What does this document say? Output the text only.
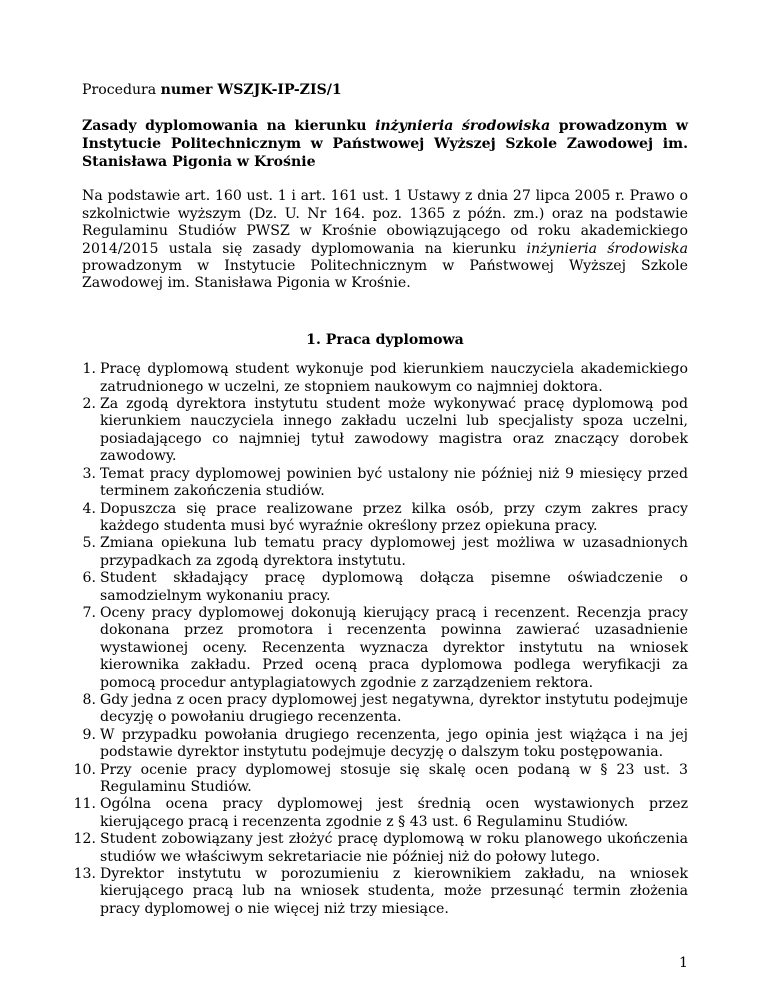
Procedura numer WSZJK-IP-ZIS/1

Zasady dyplomowania na kierunku inżynieria środowiska prowadzonym w Instytucie Politechnicznym w Państwowej Wyższej Szkole Zawodowej im. Stanisława Pigonia w Krośnie

Na podstawie art. 160 ust. 1 i art. 161 ust. 1 Ustawy z dnia 27 lipca 2005 r. Prawo o szkolnictwie wyższym (Dz. U. Nr 164. poz. 1365 z późn. zm.) oraz na podstawie Regulaminu Studiów PWSZ w Krośnie obowiązującego od roku akademickiego 2014/2015 ustala się zasady dyplomowania na kierunku inżynieria środowiska prowadzonym w Instytucie Politechnicznym w Państwowej Wyższej Szkole Zawodowej im. Stanisława Pigonia w Krośnie.

1. Praca dyplomowa

1. Pracę dyplomową student wykonuje pod kierunkiem nauczyciela akademickiego zatrudnionego w uczelni, ze stopniem naukowym co najmniej doktora.
2. Za zgodą dyrektora instytutu student może wykonywać pracę dyplomową pod kierunkiem nauczyciela innego zakładu uczelni lub specjalisty spoza uczelni, posiadającego co najmniej tytuł zawodowy magistra oraz znaczący dorobek zawodowy.
3. Temat pracy dyplomowej powinien być ustalony nie później niż 9 miesięcy przed terminem zakończenia studiów.
4. Dopuszcza się prace realizowane przez kilka osób, przy czym zakres pracy każdego studenta musi być wyraźnie określony przez opiekuna pracy.
5. Zmiana opiekuna lub tematu pracy dyplomowej jest możliwa w uzasadnionych przypadkach za zgodą dyrektora instytutu.
6. Student składający pracę dyplomową dołącza pisemne oświadczenie o samodzielnym wykonaniu pracy.
7. Oceny pracy dyplomowej dokonują kierujący pracą i recenzent. Recenzja pracy dokonana przez promotora i recenzenta powinna zawierać uzasadnienie wystawionej oceny. Recenzenta wyznacza dyrektor instytutu na wniosek kierownika zakładu. Przed oceną praca dyplomowa podlega weryfikacji za pomocą procedur antyplagiatowych zgodnie z zarządzeniem rektora.
8. Gdy jedna z ocen pracy dyplomowej jest negatywna, dyrektor instytutu podejmuje decyzję o powołaniu drugiego recenzenta.
9. W przypadku powołania drugiego recenzenta, jego opinia jest wiążąca i na jej podstawie dyrektor instytutu podejmuje decyzję o dalszym toku postępowania.
10. Przy ocenie pracy dyplomowej stosuje się skalę ocen podaną w § 23 ust. 3 Regulaminu Studiów.
11. Ogólna ocena pracy dyplomowej jest średnią ocen wystawionych przez kierującego pracą i recenzenta zgodnie z § 43 ust. 6 Regulaminu Studiów.
12. Student zobowiązany jest złożyć pracę dyplomową w roku planowego ukończenia studiów we właściwym sekretariacie nie później niż do połowy lutego.
13. Dyrektor instytutu w porozumieniu z kierownikiem zakładu, na wniosek kierującego pracą lub na wniosek studenta, może przesunąć termin złożenia pracy dyplomowej o nie więcej niż trzy miesiące.
1
